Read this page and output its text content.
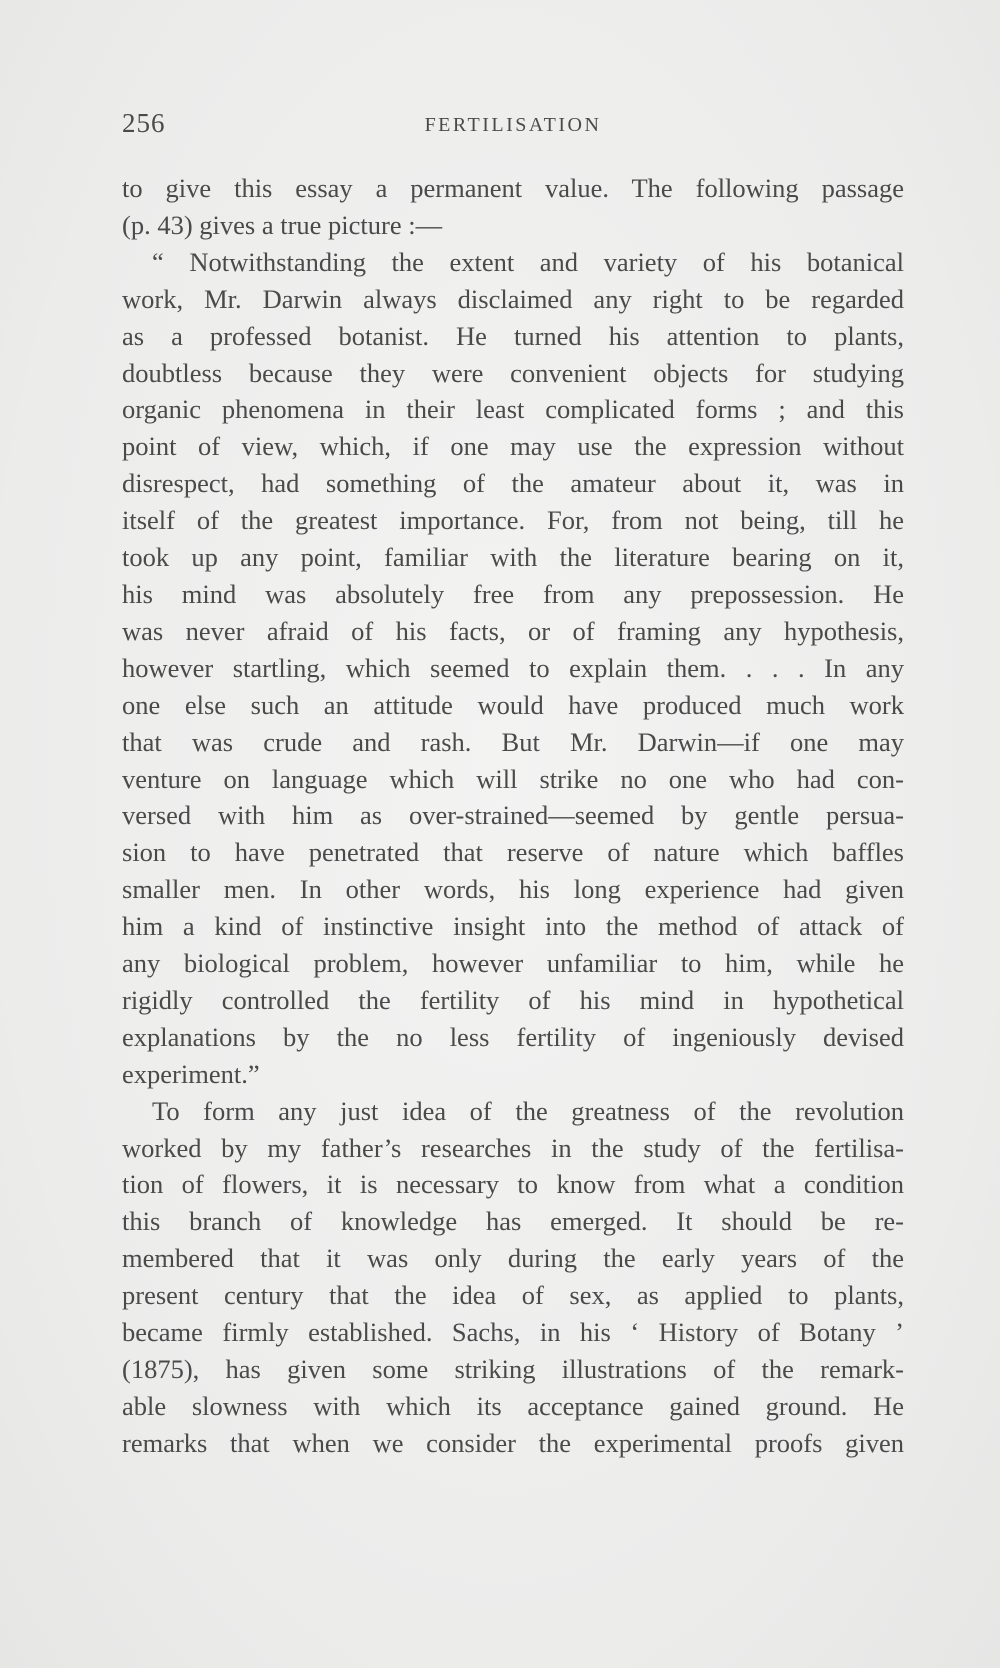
256	FERTILISATION
to give this essay a permanent value. The following passage
(p. 43) gives a true picture :—
“ Notwithstanding the extent and variety of his botanical
work, Mr. Darwin always disclaimed any right to be regarded
as a professed botanist. He turned his attention to plants,
doubtless because they were convenient objects for studying
organic phenomena in their least complicated forms ; and this
point of view, which, if one may use the expression without
disrespect, had something of the amateur about it, was in
itself of the greatest importance. For, from not being, till he
took up any point, familiar with the literature bearing on it,
his mind was absolutely free from any prepossession. He
was never afraid of his facts, or of framing any hypothesis,
however startling, which seemed to explain them. . . . In any
one else such an attitude would have produced much work
that was crude and rash. But Mr. Darwin—if one may
venture on language which will strike no one who had con-
versed with him as over-strained—seemed by gentle persua-
sion to have penetrated that reserve of nature which baffles
smaller men. In other words, his long experience had given
him a kind of instinctive insight into the method of attack of
any biological problem, however unfamiliar to him, while he
rigidly controlled the fertility of his mind in hypothetical
explanations by the no less fertility of ingeniously devised
experiment.”
To form any just idea of the greatness of the revolution
worked by my father’s researches in the study of the fertilisa-
tion of flowers, it is necessary to know from what a condition
this branch of knowledge has emerged. It should be re-
membered that it was only during the early years of the
present century that the idea of sex, as applied to plants,
became firmly established. Sachs, in his ‘ History of Botany ’
(1875), has given some striking illustrations of the remark-
able slowness with which its acceptance gained ground. He
remarks that when we consider the experimental proofs given
